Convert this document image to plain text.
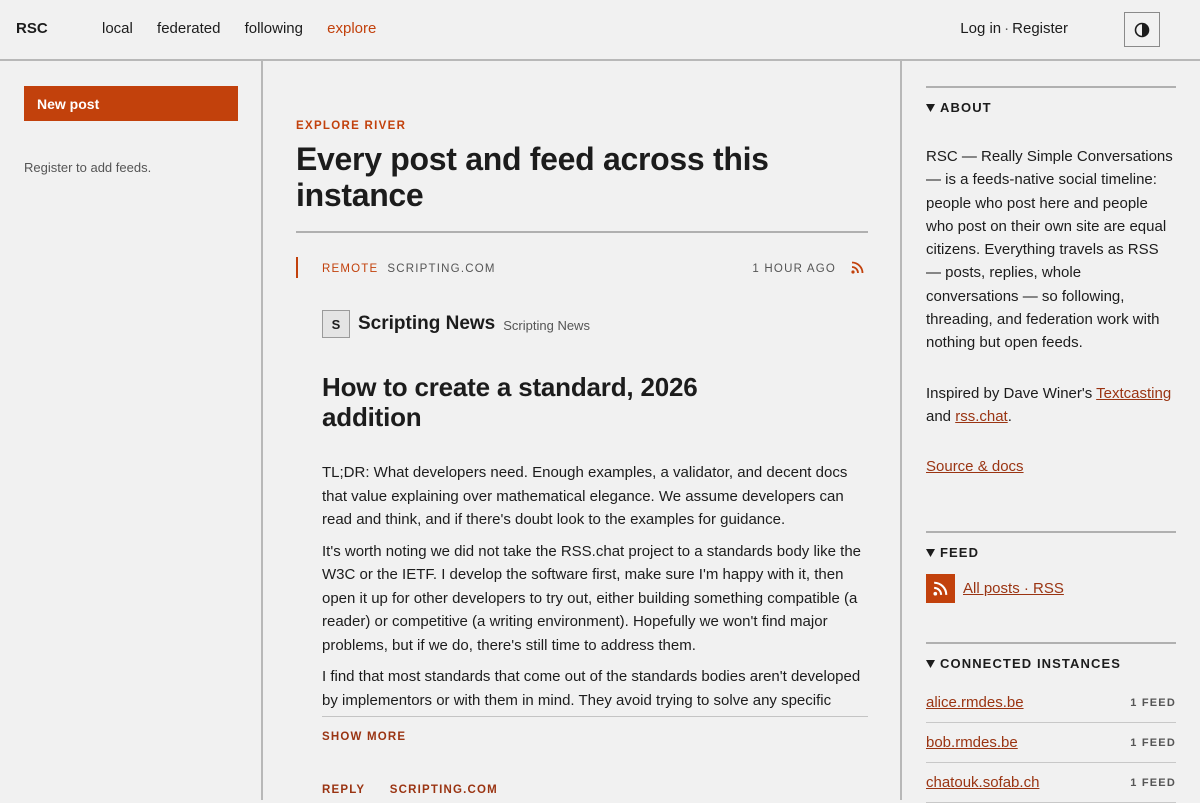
RSC	local federated following explore	Log in · Register
New post
Register to add feeds.
EXPLORE RIVER
Every post and feed across this instance
REMOTE SCRIPTING.COM	1 HOUR AGO
S Scripting News Scripting News
How to create a standard, 2026 addition

TL;DR: What developers need. Enough examples, a validator, and decent docs that value explaining over mathematical elegance. We assume developers can read and think, and if there's doubt look to the examples for guidance.

It's worth noting we did not take the RSS.chat project to a standards body like the W3C or the IETF. I develop the software first, make sure I'm happy with it, then open it up for other developers to try out, either building something compatible (a reader) or competitive (a writing environment). Hopefully we won't find major problems, but if we do, there's still time to address them.

I find that most standards that come out of the standards bodies aren't developed by implementors or with them in mind. They avoid trying to solve any specific

SHOW MORE
REPLY SCRIPTING.COM
ABOUT

RSC — Really Simple Conversations — is a feeds-native social timeline: people who post here and people who post on their own site are equal citizens. Everything travels as RSS — posts, replies, whole conversations — so following, threading, and federation work with nothing but open feeds.

Inspired by Dave Winer's Textcasting
and rss.chat.

Source & docs

FEED
All posts · RSS
CONNECTED INSTANCES
alice.rmdes.be	1 FEED
bob.rmdes.be	1 FEED
chatouk.sofab.ch	1 FEED
